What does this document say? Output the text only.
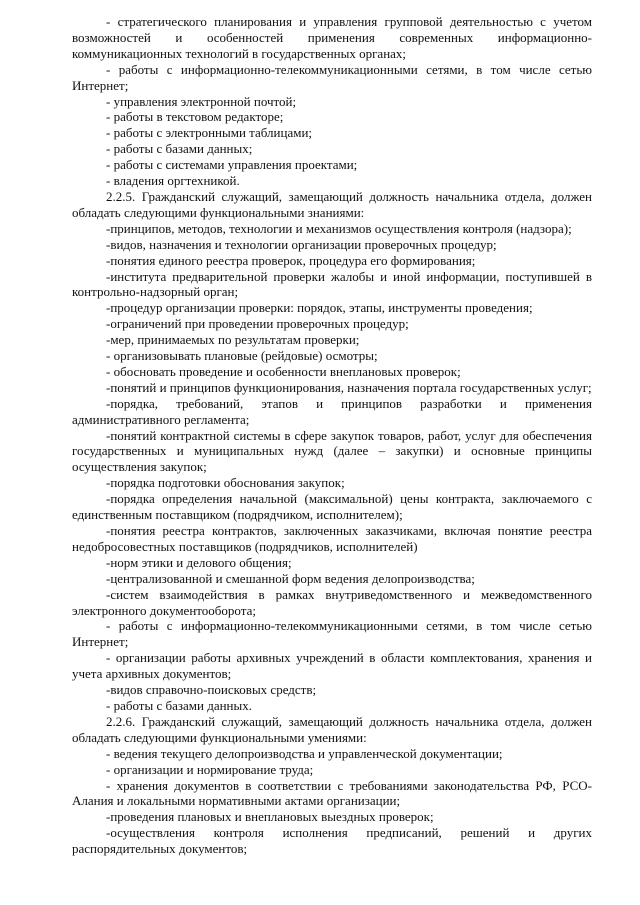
- стратегического планирования и управления групповой деятельностью с учетом возможностей и особенностей применения современных информационно-коммуникационных технологий в государственных органах;

- работы с информационно-телекоммуникационными сетями, в том числе сетью Интернет;

- управления электронной почтой;

- работы в текстовом редакторе;

- работы с электронными таблицами;

- работы с базами данных;

- работы с системами управления проектами;

- владения оргтехникой.

2.2.5. Гражданский служащий, замещающий должность начальника отдела, должен обладать следующими функциональными знаниями:

-принципов, методов, технологии и механизмов осуществления контроля (надзора);

-видов, назначения и технологии организации проверочных процедур;

-понятия единого реестра проверок, процедура его формирования;

-института предварительной проверки жалобы и иной информации, поступившей в контрольно-надзорный орган;

-процедур организации проверки: порядок, этапы, инструменты проведения;

-ограничений при проведении проверочных процедур;

-мер, принимаемых по результатам проверки;

- организовывать плановые (рейдовые) осмотры;

- обосновать проведение и особенности внеплановых проверок;

-понятий и принципов функционирования, назначения портала государственных услуг;

-порядка, требований, этапов и принципов разработки и применения административного регламента;

-понятий контрактной системы в сфере закупок товаров, работ, услуг для обеспечения государственных и муниципальных нужд (далее – закупки) и основные принципы осуществления закупок;

-порядка подготовки обоснования закупок;

-порядка определения начальной (максимальной) цены контракта, заключаемого с единственным поставщиком (подрядчиком, исполнителем);

-понятия реестра контрактов, заключенных заказчиками, включая понятие реестра недобросовестных поставщиков (подрядчиков, исполнителей)

-норм этики и делового общения;

-централизованной и смешанной форм ведения делопроизводства;

-систем взаимодействия в рамках внутриведомственного и межведомственного электронного документооборота;

- работы с информационно-телекоммуникационными сетями, в том числе сетью Интернет;

- организации работы архивных учреждений в области комплектования, хранения и учета архивных документов;

-видов справочно-поисковых средств;

- работы с базами данных.

2.2.6. Гражданский служащий, замещающий должность начальника отдела, должен обладать следующими функциональными умениями:

- ведения текущего делопроизводства и управленческой документации;

- организации и нормирование труда;

- хранения документов в соответствии с требованиями законодательства РФ, РСО-Алания и локальными нормативными актами организации;

-проведения плановых и внеплановых выездных проверок;

-осуществления контроля исполнения предписаний, решений и других распорядительных документов;
